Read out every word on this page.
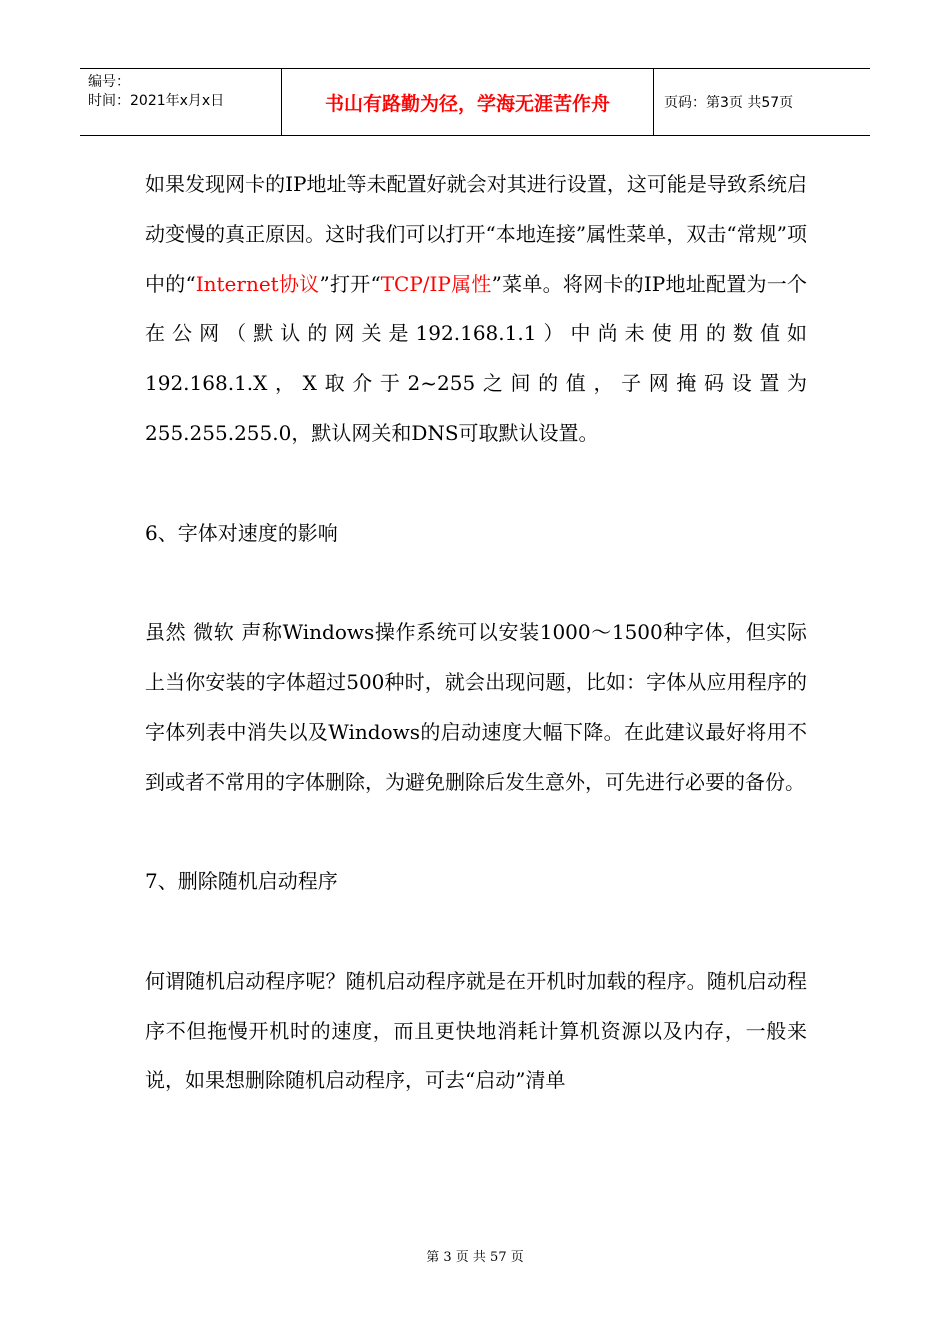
编号：
时间：2021年x月x日	书山有路勤为径，学海无涯苦作舟	页码：第3页 共57页

如果发现网卡的IP地址等未配置好就会对其进行设置，这可能是导致系统启动变慢的真正原因。这时我们可以打开“本地连接”属性菜单，双击“常规”项中的“Internet协议”打开“TCP/IP属性”菜单。将网卡的IP地址配置为一个在公网（默认的网关是192.168.1.1）中尚未使用的数值如192.168.1.X，X取介于2~255之间的值，子网掩码设置为255.255.255.0，默认网关和DNS可取默认设置。

6、字体对速度的影响

虽然 微软 声称Windows操作系统可以安装1000～1500种字体，但实际上当你安装的字体超过500种时，就会出现问题，比如：字体从应用程序的字体列表中消失以及Windows的启动速度大幅下降。在此建议最好将用不到或者不常用的字体删除，为避免删除后发生意外，可先进行必要的备份。

7、删除随机启动程序

何谓随机启动程序呢？随机启动程序就是在开机时加载的程序。随机启动程序不但拖慢开机时的速度，而且更快地消耗计算机资源以及内存，一般来说，如果想删除随机启动程序，可去“启动”清单

第 3 页 共 57 页
